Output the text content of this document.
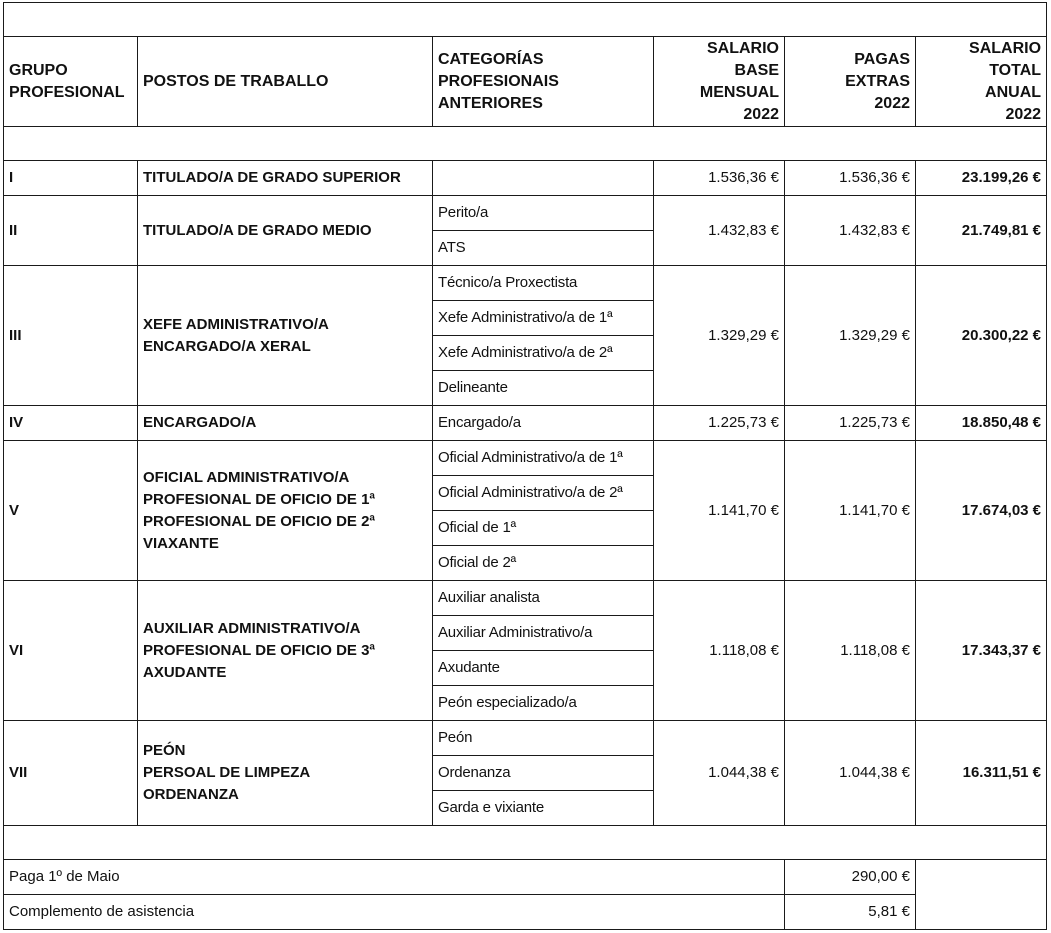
GRUPO
PROFESIONAL	POSTOS DE TRABALLO	CATEGORÍAS
PROFESIONAIS
ANTERIORES	SALARIO BASE
MENSUAL
2022	PAGAS
EXTRAS
2022	SALARIO
TOTAL
ANUAL
2022

I	TITULADO/A DE GRADO SUPERIOR		1.536,36 €	1.536,36 €	23.199,26 €
II	TITULADO/A DE GRADO MEDIO	Perito/a	1.432,83 €	1.432,83 €	21.749,81 €
		ATS			
III	XEFE ADMINISTRATIVO/A
ENCARGADO/A XERAL	Técnico/a Proxectista	1.329,29 €	1.329,29 €	20.300,22 €
		Xefe Administrativo/a de 1ª			
		Xefe Administrativo/a de 2ª			
		Delineante			
IV	ENCARGADO/A	Encargado/a	1.225,73 €	1.225,73 €	18.850,48 €
V	OFICIAL ADMINISTRATIVO/A
PROFESIONAL DE OFICIO DE 1ª
PROFESIONAL DE OFICIO DE 2ª
VIAXANTE	Oficial Administrativo/a de 1ª	1.141,70 €	1.141,70 €	17.674,03 €
		Oficial Administrativo/a de 2ª			
		Oficial de 1ª			
		Oficial de 2ª			
VI	AUXILIAR ADMINISTRATIVO/A
PROFESIONAL DE OFICIO DE 3ª
AXUDANTE	Auxiliar analista	1.118,08 €	1.118,08 €	17.343,37 €
		Auxiliar Administrativo/a			
		Axudante			
		Peón especializado/a			
VII	PEÓN
PERSOAL DE LIMPEZA
ORDENANZA	Peón	1.044,38 €	1.044,38 €	16.311,51 €
		Ordenanza			
		Garda e vixiante			

Paga 1º de Maio				290,00 €	
Complemento de asistencia				5,81 €	
